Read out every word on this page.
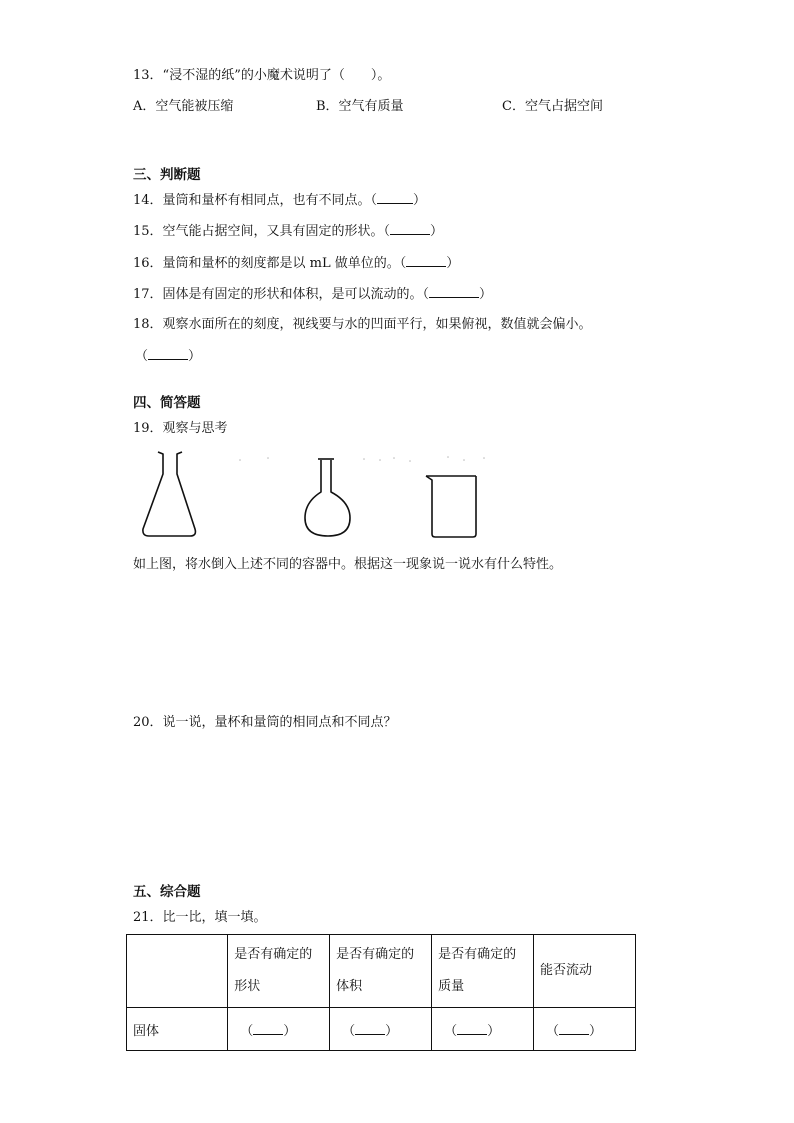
13．“浸不湿的纸”的小魔术说明了（　　）。
A．空气能被压缩	B．空气有质量	C．空气占据空间
三、判断题
14．量筒和量杯有相同点，也有不同点。（	）
15．空气能占据空间，又具有固定的形状。（	）
16．量筒和量杯的刻度都是以 mL 做单位的。（	）
17．固体是有固定的形状和体积，是可以流动的。（	）
18．观察水面所在的刻度，视线要与水的凹面平行，如果俯视，数值就会偏小。
（	）
四、简答题
19．观察与思考
如上图，将水倒入上述不同的容器中。根据这一现象说一说水有什么特性。
20．说一说，量杯和量筒的相同点和不同点？
五、综合题
21．比一比，填一填。

	是否有确定的形状	是否有确定的体积	是否有确定的质量	能否流动

固体	（ ）	（ ）	（ ）	（ ）
